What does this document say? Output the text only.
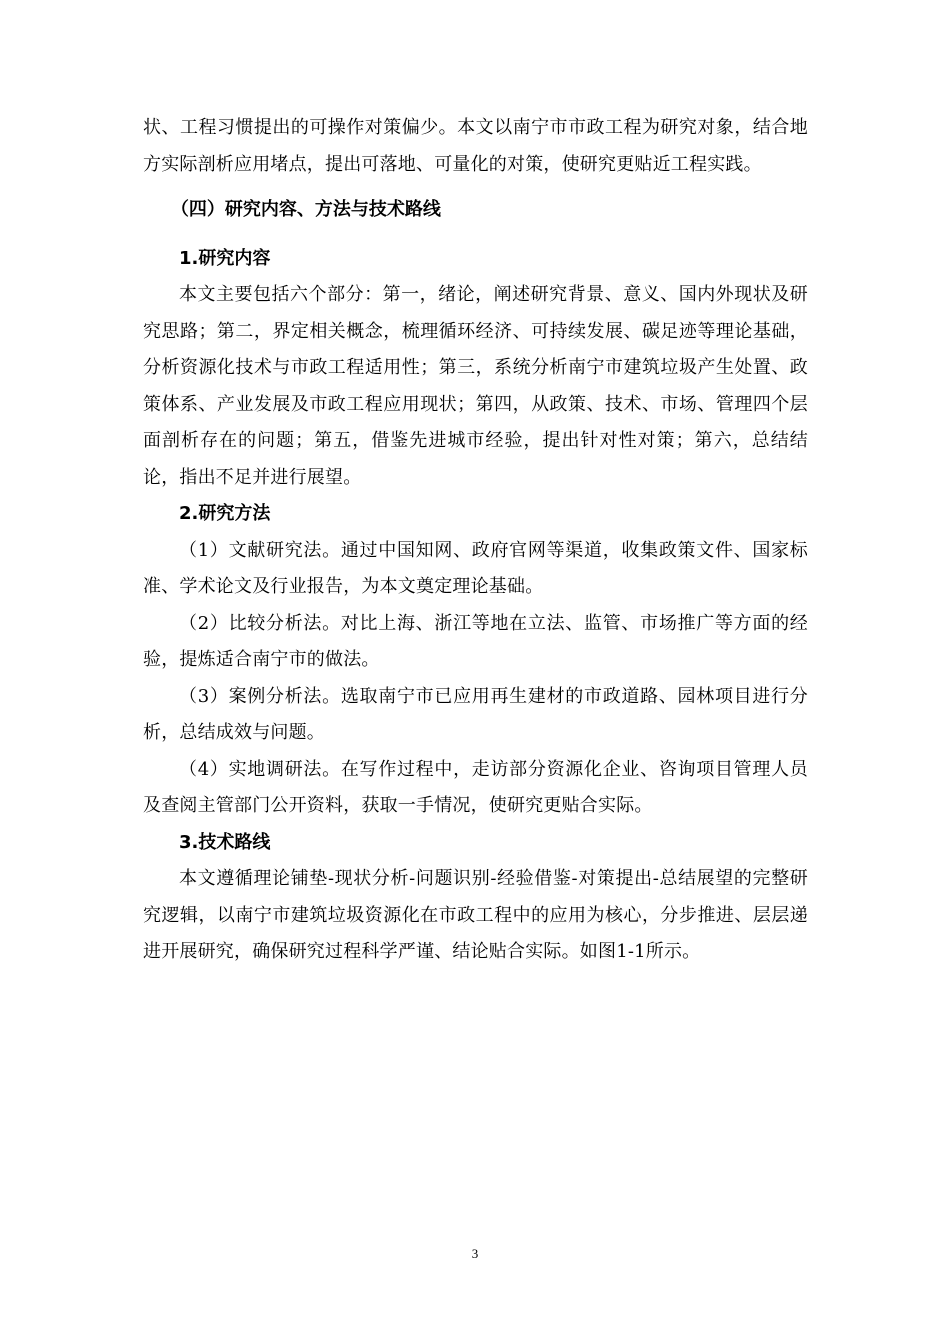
状、工程习惯提出的可操作对策偏少。本文以南宁市市政工程为研究对象，结合地方实际剖析应用堵点，提出可落地、可量化的对策，使研究更贴近工程实践。

（四）研究内容、方法与技术路线

1.研究内容

本文主要包括六个部分：第一，绪论，阐述研究背景、意义、国内外现状及研究思路；第二，界定相关概念，梳理循环经济、可持续发展、碳足迹等理论基础，分析资源化技术与市政工程适用性；第三，系统分析南宁市建筑垃圾产生处置、政策体系、产业发展及市政工程应用现状；第四，从政策、技术、市场、管理四个层面剖析存在的问题；第五，借鉴先进城市经验，提出针对性对策；第六，总结结论，指出不足并进行展望。

2.研究方法

（1）文献研究法。通过中国知网、政府官网等渠道，收集政策文件、国家标准、学术论文及行业报告，为本文奠定理论基础。

（2）比较分析法。对比上海、浙江等地在立法、监管、市场推广等方面的经验，提炼适合南宁市的做法。

（3）案例分析法。选取南宁市已应用再生建材的市政道路、园林项目进行分析，总结成效与问题。

（4）实地调研法。在写作过程中，走访部分资源化企业、咨询项目管理人员及查阅主管部门公开资料，获取一手情况，使研究更贴合实际。

3.技术路线

本文遵循理论铺垫-现状分析-问题识别-经验借鉴-对策提出-总结展望的完整研究逻辑，以南宁市建筑垃圾资源化在市政工程中的应用为核心，分步推进、层层递进开展研究，确保研究过程科学严谨、结论贴合实际。如图1-1所示。

3
